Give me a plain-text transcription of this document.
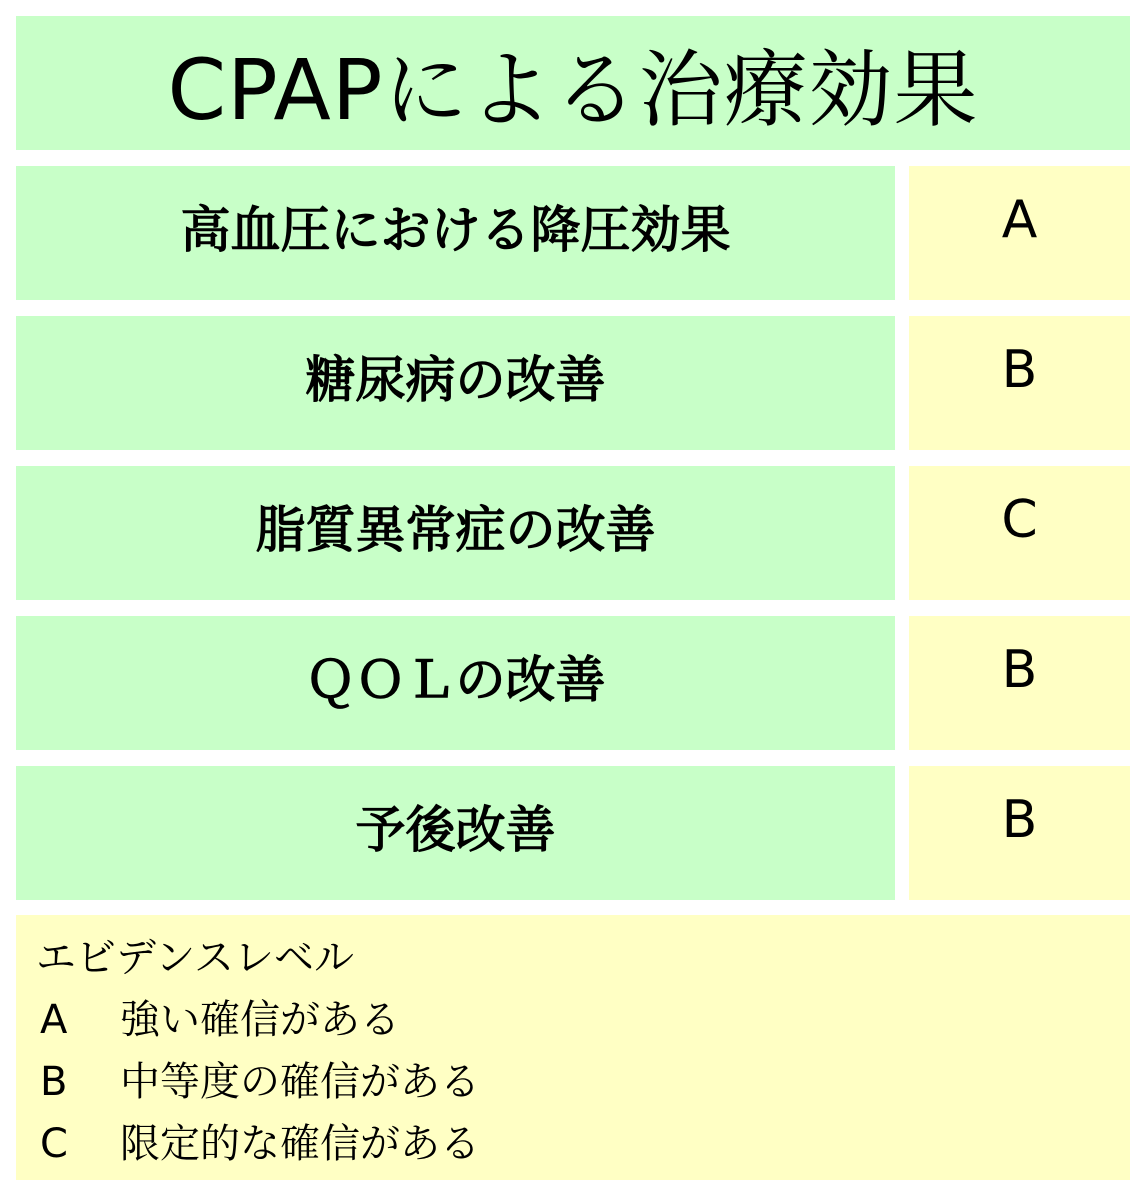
CPAPによる治療効果
高血圧における降圧効果	A
糖尿病の改善	B
脂質異常症の改善	C
ＱＯＬの改善	B
予後改善	B
エビデンスレベル
A	強い確信がある
B	中等度の確信がある
C	限定的な確信がある
